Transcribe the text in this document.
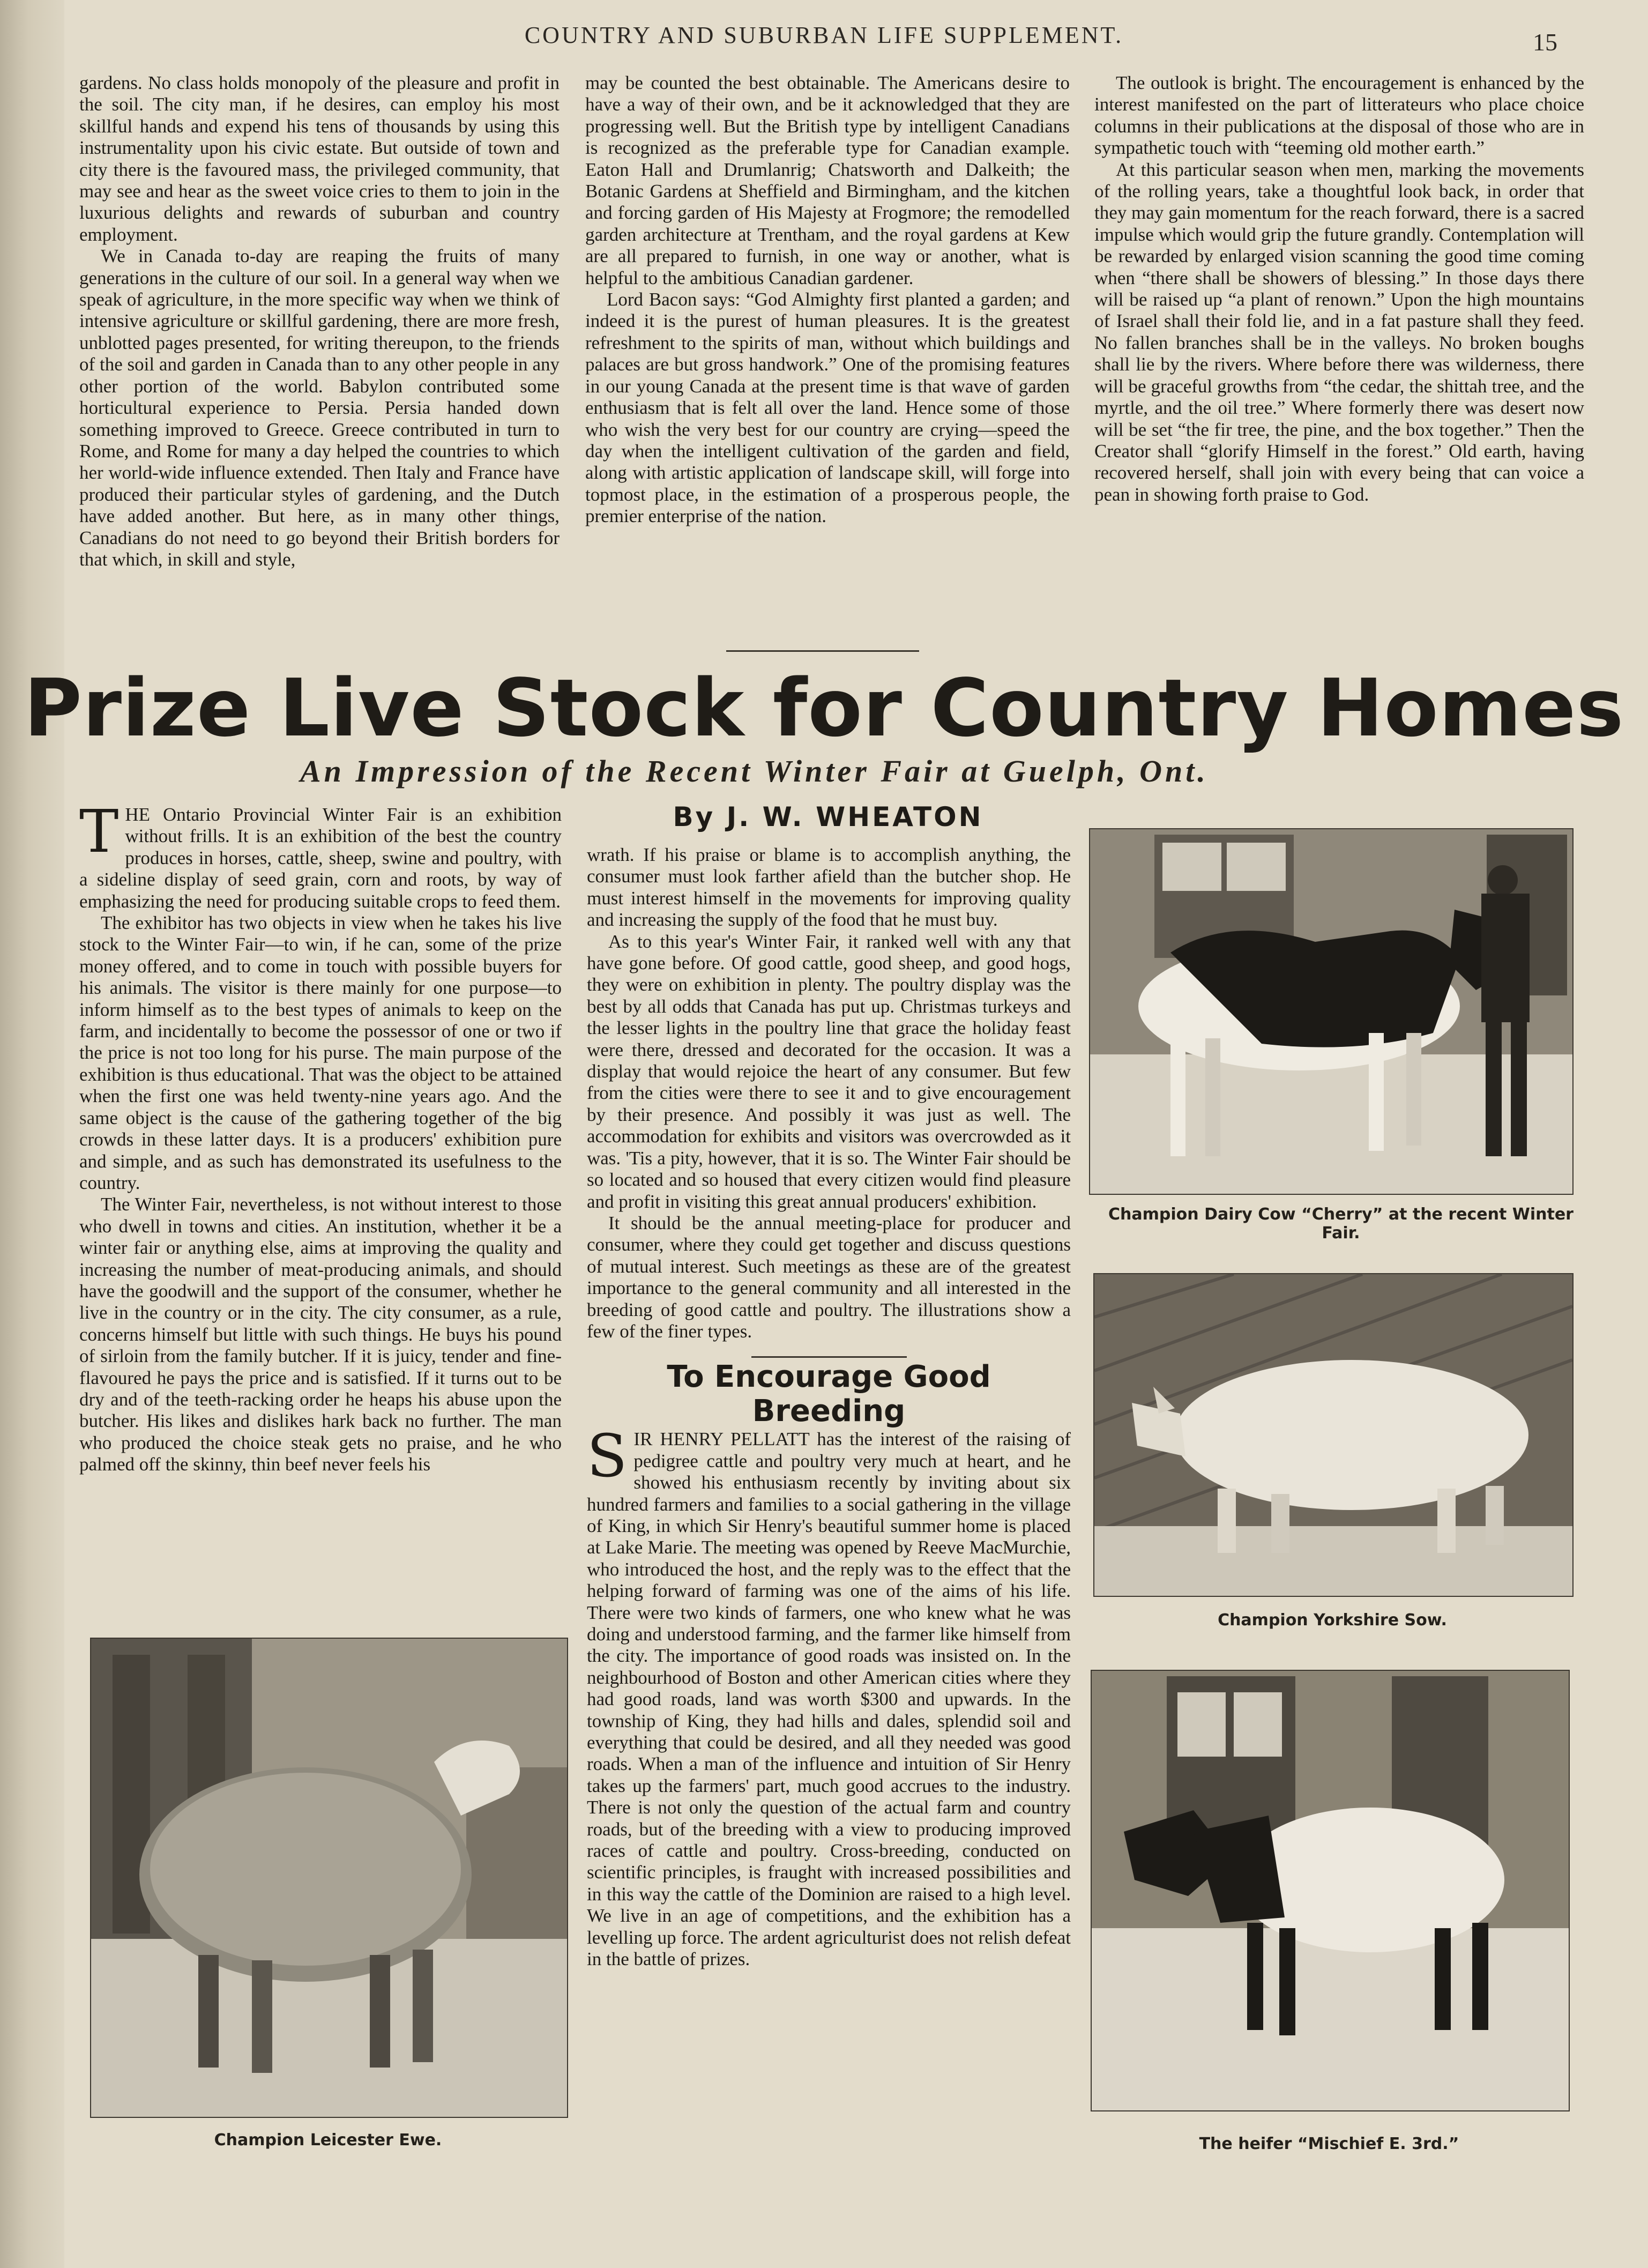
COUNTRY AND SUBURBAN LIFE SUPPLEMENT.	15

gardens. No class holds monopoly of the pleasure and profit in the soil. The city man, if he desires, can employ his most skillful hands and expend his tens of thousands by using this instrumentality upon his civic estate. But outside of town and city there is the favoured mass, the privileged community, that may see and hear as the sweet voice cries to them to join in the luxurious delights and rewards of suburban and country employment.

We in Canada to-day are reaping the fruits of many generations in the culture of our soil. In a general way when we speak of agriculture, in the more specific way when we think of intensive agriculture or skillful gardening, there are more fresh, unblotted pages presented, for writing thereupon, to the friends of the soil and garden in Canada than to any other people in any other portion of the world. Babylon contributed some horticultural experience to Persia. Persia handed down something improved to Greece. Greece contributed in turn to Rome, and Rome for many a day helped the countries to which her world-wide influence extended. Then Italy and France have produced their particular styles of gardening, and the Dutch have added another. But here, as in many other things, Canadians do not need to go beyond their British borders for that which, in skill and style,

may be counted the best obtainable. The Americans desire to have a way of their own, and be it acknowledged that they are progressing well. But the British type by intelligent Canadians is recognized as the preferable type for Canadian example. Eaton Hall and Drumlanrig; Chatsworth and Dalkeith; the Botanic Gardens at Sheffield and Birmingham, and the kitchen and forcing garden of His Majesty at Frogmore; the remodelled garden architecture at Trentham, and the royal gardens at Kew are all prepared to furnish, in one way or another, what is helpful to the ambitious Canadian gardener.

Lord Bacon says: “God Almighty first planted a garden; and indeed it is the purest of human pleasures. It is the greatest refreshment to the spirits of man, without which buildings and palaces are but gross handwork.” One of the promising features in our young Canada at the present time is that wave of garden enthusiasm that is felt all over the land. Hence some of those who wish the very best for our country are crying—speed the day when the intelligent cultivation of the garden and field, along with artistic application of landscape skill, will forge into topmost place, in the estimation of a prosperous people, the premier enterprise of the nation.

The outlook is bright. The encouragement is enhanced by the interest manifested on the part of litterateurs who place choice columns in their publications at the disposal of those who are in sympathetic touch with “teeming old mother earth.”

At this particular season when men, marking the movements of the rolling years, take a thoughtful look back, in order that they may gain momentum for the reach forward, there is a sacred impulse which would grip the future grandly. Contemplation will be rewarded by enlarged vision scanning the good time coming when “there shall be showers of blessing.” In those days there will be raised up “a plant of renown.” Upon the high mountains of Israel shall their fold lie, and in a fat pasture shall they feed. No fallen branches shall be in the valleys. No broken boughs shall lie by the rivers. Where before there was wilderness, there will be graceful growths from “the cedar, the shittah tree, and the myrtle, and the oil tree.” Where formerly there was desert now will be set “the fir tree, the pine, and the box together.” Then the Creator shall “glorify Himself in the forest.” Old earth, having recovered herself, shall join with every being that can voice a pean in showing forth praise to God.

Prize Live Stock for Country Homes
An Impression of the Recent Winter Fair at Guelph, Ont.
By J. W. WHEATON

THE Ontario Provincial Winter Fair is an exhibition without frills. It is an exhibition of the best the country produces in horses, cattle, sheep, swine and poultry, with a sideline display of seed grain, corn and roots, by way of emphasizing the need for producing suitable crops to feed them.

The exhibitor has two objects in view when he takes his live stock to the Winter Fair—to win, if he can, some of the prize money offered, and to come in touch with possible buyers for his animals. The visitor is there mainly for one purpose—to inform himself as to the best types of animals to keep on the farm, and incidentally to become the possessor of one or two if the price is not too long for his purse. The main purpose of the exhibition is thus educational. That was the object to be attained when the first one was held twenty-nine years ago. And the same object is the cause of the gathering together of the big crowds in these latter days. It is a producers' exhibition pure and simple, and as such has demonstrated its usefulness to the country.

The Winter Fair, nevertheless, is not without interest to those who dwell in towns and cities. An institution, whether it be a winter fair or anything else, aims at improving the quality and increasing the number of meat-producing animals, and should have the goodwill and the support of the consumer, whether he live in the country or in the city. The city consumer, as a rule, concerns himself but little with such things. He buys his pound of sirloin from the family butcher. If it is juicy, tender and fine-flavoured he pays the price and is satisfied. If it turns out to be dry and of the teeth-racking order he heaps his abuse upon the butcher. His likes and dislikes hark back no further. The man who produced the choice steak gets no praise, and he who palmed off the skinny, thin beef never feels his

wrath. If his praise or blame is to accomplish anything, the consumer must look farther afield than the butcher shop. He must interest himself in the movements for improving quality and increasing the supply of the food that he must buy.

As to this year's Winter Fair, it ranked well with any that have gone before. Of good cattle, good sheep, and good hogs, they were on exhibition in plenty. The poultry display was the best by all odds that Canada has put up. Christmas turkeys and the lesser lights in the poultry line that grace the holiday feast were there, dressed and decorated for the occasion. It was a display that would rejoice the heart of any consumer. But few from the cities were there to see it and to give encouragement by their presence. And possibly it was just as well. The accommodation for exhibits and visitors was overcrowded as it was. 'Tis a pity, however, that it is so. The Winter Fair should be so located and so housed that every citizen would find pleasure and profit in visiting this great annual producers' exhibition.

It should be the annual meeting-place for producer and consumer, where they could get together and discuss questions of mutual interest. Such meetings as these are of the greatest importance to the general community and all interested in the breeding of good cattle and poultry. The illustrations show a few of the finer types.

To Encourage Good Breeding

SIR HENRY PELLATT has the interest of the raising of pedigree cattle and poultry very much at heart, and he showed his enthusiasm recently by inviting about six hundred farmers and families to a social gathering in the village of King, in which Sir Henry's beautiful summer home is placed at Lake Marie. The meeting was opened by Reeve MacMurchie, who introduced the host, and the reply was to the effect that the helping forward of farming was one of the aims of his life. There were two kinds of farmers, one who knew what he was doing and understood farming, and the farmer like himself from the city. The importance of good roads was insisted on. In the neighbourhood of Boston and other American cities where they had good roads, land was worth $300 and upwards. In the township of King, they had hills and dales, splendid soil and everything that could be desired, and all they needed was good roads. When a man of the influence and intuition of Sir Henry takes up the farmers' part, much good accrues to the industry. There is not only the question of the actual farm and country roads, but of the breeding with a view to producing improved races of cattle and poultry. Cross-breeding, conducted on scientific principles, is fraught with increased possibilities and in this way the cattle of the Dominion are raised to a high level. We live in an age of competitions, and the exhibition has a levelling up force. The ardent agriculturist does not relish defeat in the battle of prizes.

Champion Dairy Cow “Cherry” at the recent Winter Fair.
Champion Yorkshire Sow.
The heifer “Mischief E. 3rd.”
Champion Leicester Ewe.
